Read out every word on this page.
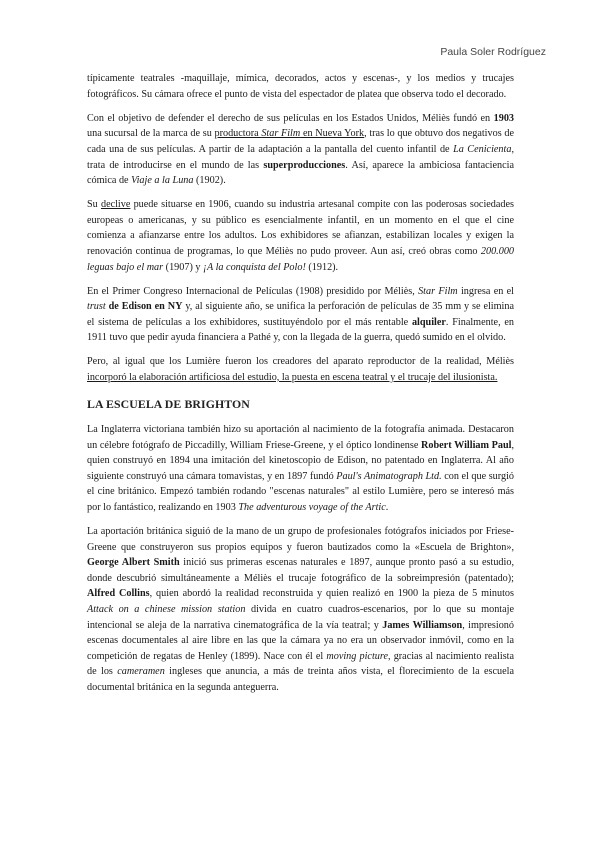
Paula Soler Rodríguez

típicamente teatrales -maquillaje, mímica, decorados, actos y escenas-, y los medios y trucajes fotográficos. Su cámara ofrece el punto de vista del espectador de platea que observa todo el decorado.

Con el objetivo de defender el derecho de sus películas en los Estados Unidos, Méliès fundó en 1903 una sucursal de la marca de su productora Star Film en Nueva York, tras lo que obtuvo dos negativos de cada una de sus películas. A partir de la adaptación a la pantalla del cuento infantil de La Cenicienta, trata de introducirse en el mundo de las superproducciones. Así, aparece la ambiciosa fantaciencia cómica de Viaje a la Luna (1902).

Su declive puede situarse en 1906, cuando su industria artesanal compite con las poderosas sociedades europeas o americanas, y su público es esencialmente infantil, en un momento en el que el cine comienza a afianzarse entre los adultos. Los exhibidores se afianzan, estabilizan locales y exigen la renovación continua de programas, lo que Méliès no pudo proveer. Aun así, creó obras como 200.000 leguas bajo el mar (1907) y ¡A la conquista del Polo! (1912).

En el Primer Congreso Internacional de Películas (1908) presidido por Méliès, Star Film ingresa en el trust de Edison en NY y, al siguiente año, se unifica la perforación de películas de 35 mm y se elimina el sistema de películas a los exhibidores, sustituyéndolo por el más rentable alquiler. Finalmente, en 1911 tuvo que pedir ayuda financiera a Pathé y, con la llegada de la guerra, quedó sumido en el olvido.

Pero, al igual que los Lumière fueron los creadores del aparato reproductor de la realidad, Méliès incorporó la elaboración artificiosa del estudio, la puesta en escena teatral y el trucaje del ilusionista.

LA ESCUELA DE BRIGHTON

La Inglaterra victoriana también hizo su aportación al nacimiento de la fotografía animada. Destacaron un célebre fotógrafo de Piccadilly, William Friese-Greene, y el óptico londinense Robert William Paul, quien construyó en 1894 una imitación del kinetoscopio de Edison, no patentado en Inglaterra. Al año siguiente construyó una cámara tomavistas, y en 1897 fundó Paul's Animatograph Ltd. con el que surgió el cine británico. Empezó también rodando "escenas naturales" al estilo Lumière, pero se interesó más por lo fantástico, realizando en 1903 The adventurous voyage of the Artic.

La aportación británica siguió de la mano de un grupo de profesionales fotógrafos iniciados por Friese-Greene que construyeron sus propios equipos y fueron bautizados como la «Escuela de Brighton», George Albert Smith inició sus primeras escenas naturales e 1897, aunque pronto pasó a su estudio, donde descubrió simultáneamente a Méliès el trucaje fotográfico de la sobreimpresión (patentado); Alfred Collins, quien abordó la realidad reconstruida y quien realizó en 1900 la pieza de 5 minutos Attack on a chinese mission station divida en cuatro cuadros-escenarios, por lo que su montaje intencional se aleja de la narrativa cinematográfica de la vía teatral; y James Williamson, impresionó escenas documentales al aire libre en las que la cámara ya no era un observador inmóvil, como en la competición de regatas de Henley (1899). Nace con él el moving picture, gracias al nacimiento realista de los cameramen ingleses que anuncia, a más de treinta años vista, el florecimiento de la escuela documental británica en la segunda anteguerra.
